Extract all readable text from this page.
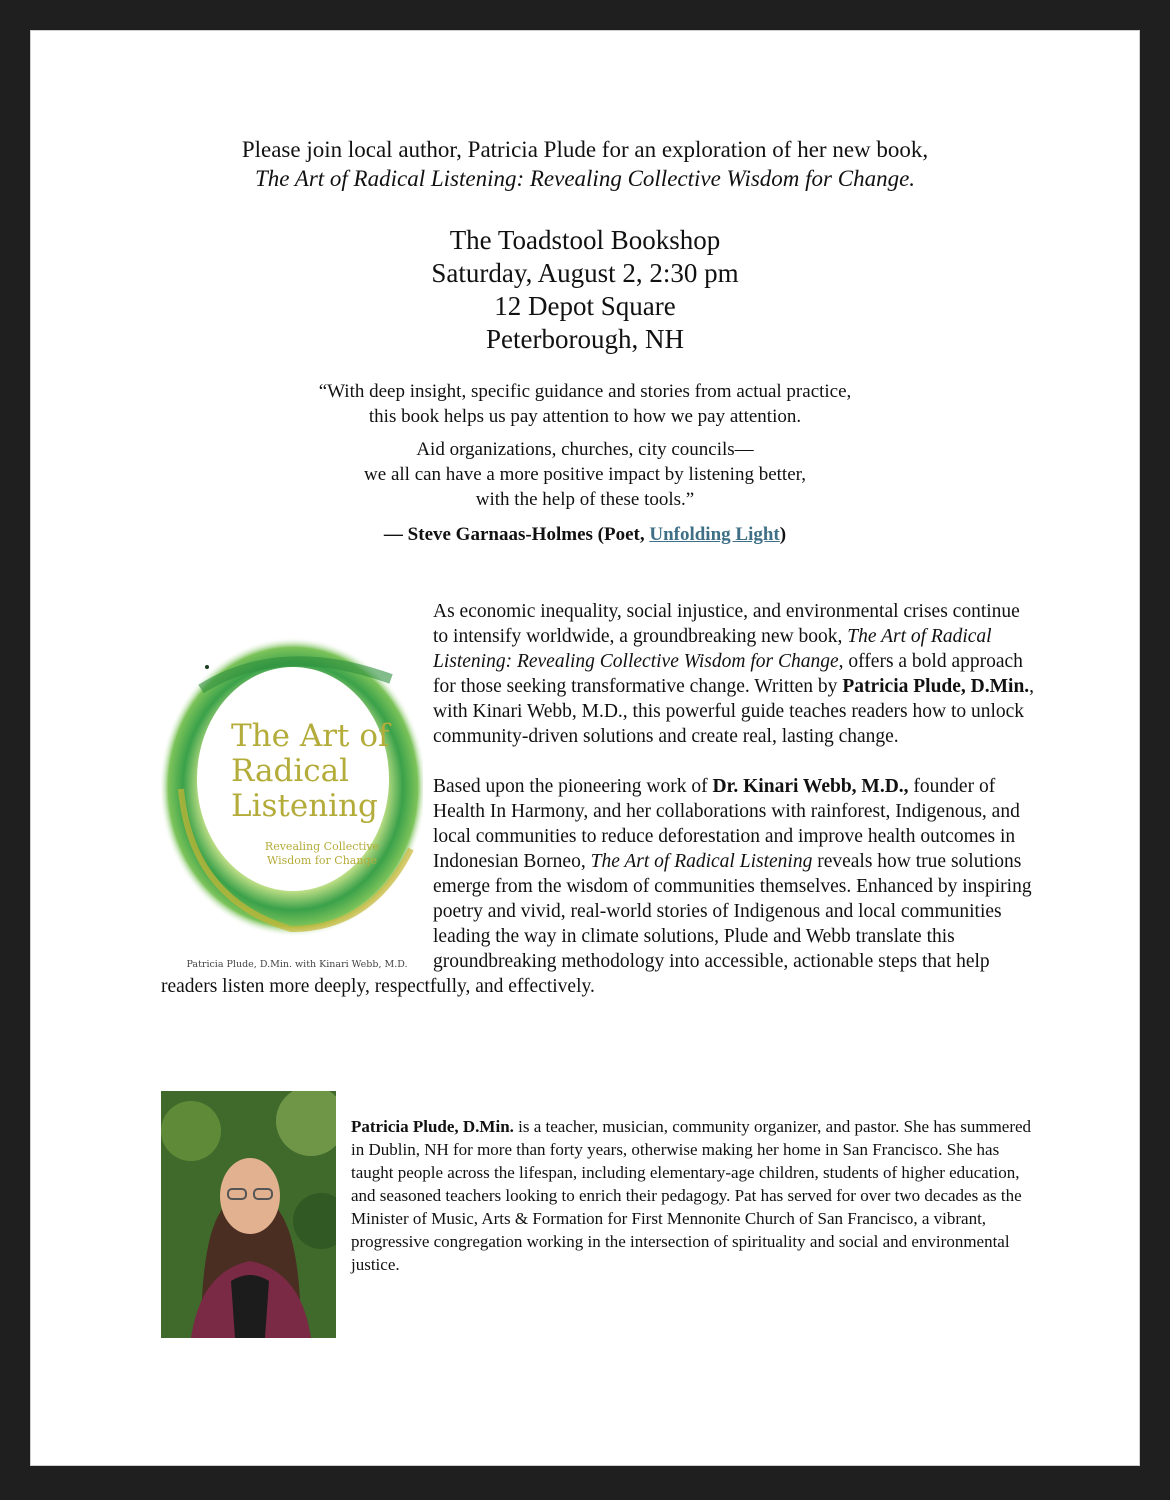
Please join local author, Patricia Plude for an exploration of her new book,
The Art of Radical Listening: Revealing Collective Wisdom for Change.
The Toadstool Bookshop
Saturday, August 2, 2:30 pm
12 Depot Square
Peterborough, NH

“With deep insight, specific guidance and stories from actual practice,
this book helps us pay attention to how we pay attention.

Aid organizations, churches, city councils—
we all can have a more positive impact by listening better,
with the help of these tools.”

— Steve Garnaas-Holmes (Poet, Unfolding Light)
The Art of
Radical
Listening
Revealing Collective
Wisdom for Change
Patricia Plude, D.Min. with Kinari Webb, M.D.

As economic inequality, social injustice, and environmental crises continue to intensify worldwide, a groundbreaking new book, The Art of Radical Listening: Revealing Collective Wisdom for Change, offers a bold approach for those seeking transformative change. Written by Patricia Plude, D.Min., with Kinari Webb, M.D., this powerful guide teaches readers how to unlock community-driven solutions and create real, lasting change.

Based upon the pioneering work of Dr. Kinari Webb, M.D., founder of Health In Harmony, and her collaborations with rainforest, Indigenous, and local communities to reduce deforestation and improve health outcomes in Indonesian Borneo, The Art of Radical Listening reveals how true solutions emerge from the wisdom of communities themselves. Enhanced by inspiring poetry and vivid, real-world stories of Indigenous and local communities leading the way in climate solutions, Plude and Webb translate this groundbreaking methodology into accessible, actionable steps that help readers listen more deeply, respectfully, and effectively.

Patricia Plude, D.Min. is a teacher, musician, community organizer, and pastor. She has summered in Dublin, NH for more than forty years, otherwise making her home in San Francisco. She has taught people across the lifespan, including elementary-age children, students of higher education, and seasoned teachers looking to enrich their pedagogy. Pat has served for over two decades as the Minister of Music, Arts & Formation for First Mennonite Church of San Francisco, a vibrant, progressive congregation working in the intersection of spirituality and social and environmental justice.
